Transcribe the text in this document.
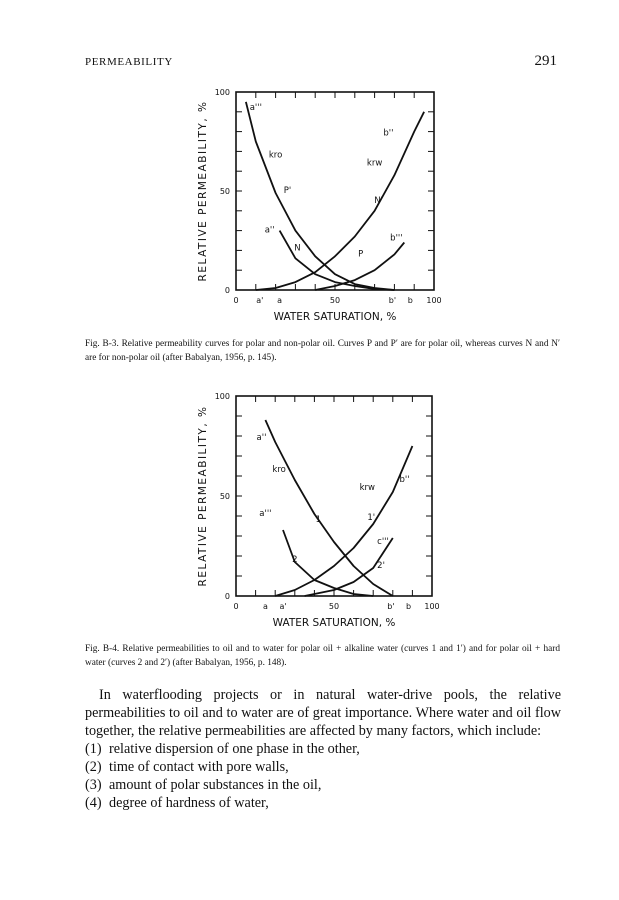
PERMEABILITY	291
100
50
0
0 a' a	50	b' b 100
WATER SATURATION, %
RELATIVE PERMEABILITY, %	a'''
b''
kro
krw
P'
N'
a''
N
P
b'''
Fig. B-3. Relative permeability curves for polar and non-polar oil. Curves P and P′ are for polar oil, whereas curves N and N′ are for non-polar oil (after Babalyan, 1956, p. 145).
100
50
0
0	a a'	50	b' b 100
WATER SATURATION, %
RELATIVE PERMEABILITY, %	a''
b''
kro
krw
1	1'
a'''
2
2'
c'''
Fig. B-4. Relative permeabilities to oil and to water for polar oil + alkaline water (curves 1 and 1′) and for polar oil + hard water (curves 2 and 2′) (after Babalyan, 1956, p. 148).

In waterflooding projects or in natural water-drive pools, the relative permeabilities to oil and to water are of great importance. Where water and oil flow together, the relative permeabilities are affected by many factors, which include:

(1) relative dispersion of one phase in the other,
(2) time of contact with pore walls,
(3) amount of polar substances in the oil,
(4) degree of hardness of water,
